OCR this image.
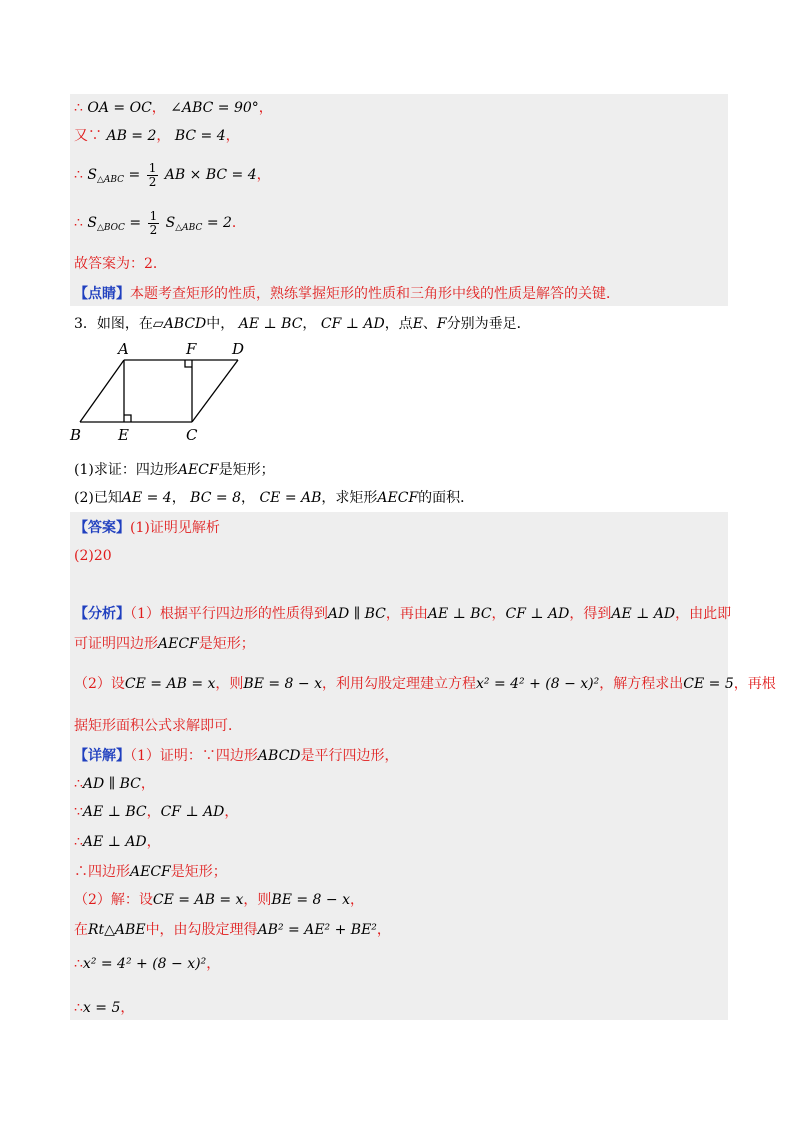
∴ OA = OC， ∠ABC = 90°，
又∵ AB = 2， BC = 4，
∴ $S_{\triangle ABC} = \frac{1}{2}$ AB × BC = 4，
∴ $S_{\triangle BOC} = \frac{1}{2} S_{\triangle ABC} = 2$．
故答案为：2．
【点睛】本题考查矩形的性质，熟练掌握矩形的性质和三角形中线的性质是解答的关键．
3．如图，在▱ABCD中， AE ⊥ BC， CF ⊥ AD，点E、F分别为垂足．
A	F D
B E	C
(1)求证：四边形AECF是矩形；
(2)已知AE = 4， BC = 8， CE = AB，求矩形AECF的面积．
【答案】(1)证明见解析
(2)20
【分析】（1）根据平行四边形的性质得到AD ∥ BC，再由AE ⊥ BC，CF ⊥ AD，得到AE ⊥ AD，由此即
可证明四边形AECF是矩形；
（2）设CE = AB = x，则BE = 8 − x，利用勾股定理建立方程x² = 4² + (8 − x)²，解方程求出CE = 5，再根
据矩形面积公式求解即可．
【详解】（1）证明：∵四边形ABCD是平行四边形，
∴AD ∥ BC，
∵AE ⊥ BC，CF ⊥ AD，
∴AE ⊥ AD，
∴四边形AECF是矩形；
（2）解：设CE = AB = x，则BE = 8 − x，
在Rt△ABE中，由勾股定理得AB² = AE² + BE²，
∴x² = 4² + (8 − x)²，
∴x = 5，
